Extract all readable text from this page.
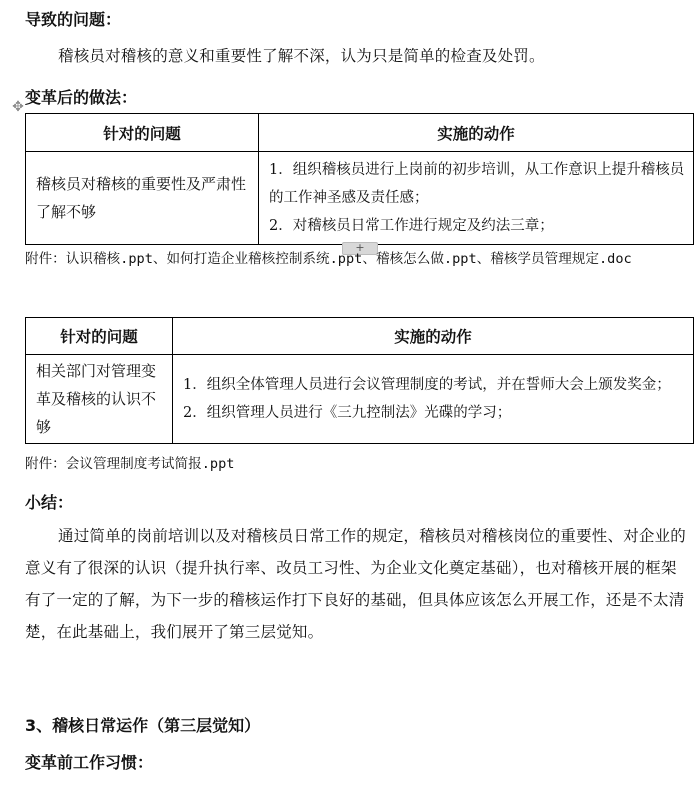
导致的问题：
稽核员对稽核的意义和重要性了解不深，认为只是简单的检查及处罚。
✥ 变革后的做法：
针对的问题	实施的动作
稽核员对稽核的重要性及严肃性了解不够	1．组织稽核员进行上岗前的初步培训，从工作意识上提升稽核员的工作神圣感及责任感；
2．对稽核员日常工作进行规定及约法三章；
+
附件：认识稽核.ppt、如何打造企业稽核控制系统.ppt、稽核怎么做.ppt、稽核学员管理规定.doc
针对的问题	实施的动作
相关部门对管理变革及稽核的认识不够	1．组织全体管理人员进行会议管理制度的考试，并在誓师大会上颁发奖金；
2．组织管理人员进行《三九控制法》光碟的学习；
附件：会议管理制度考试简报.ppt
小结：
通过简单的岗前培训以及对稽核员日常工作的规定，稽核员对稽核岗位的重要性、对企业的意义有了很深的认识（提升执行率、改员工习性、为企业文化奠定基础），也对稽核开展的框架有了一定的了解，为下一步的稽核运作打下良好的基础，但具体应该怎么开展工作，还是不太清楚，在此基础上，我们展开了第三层觉知。
3、稽核日常运作（第三层觉知）
变革前工作习惯：
